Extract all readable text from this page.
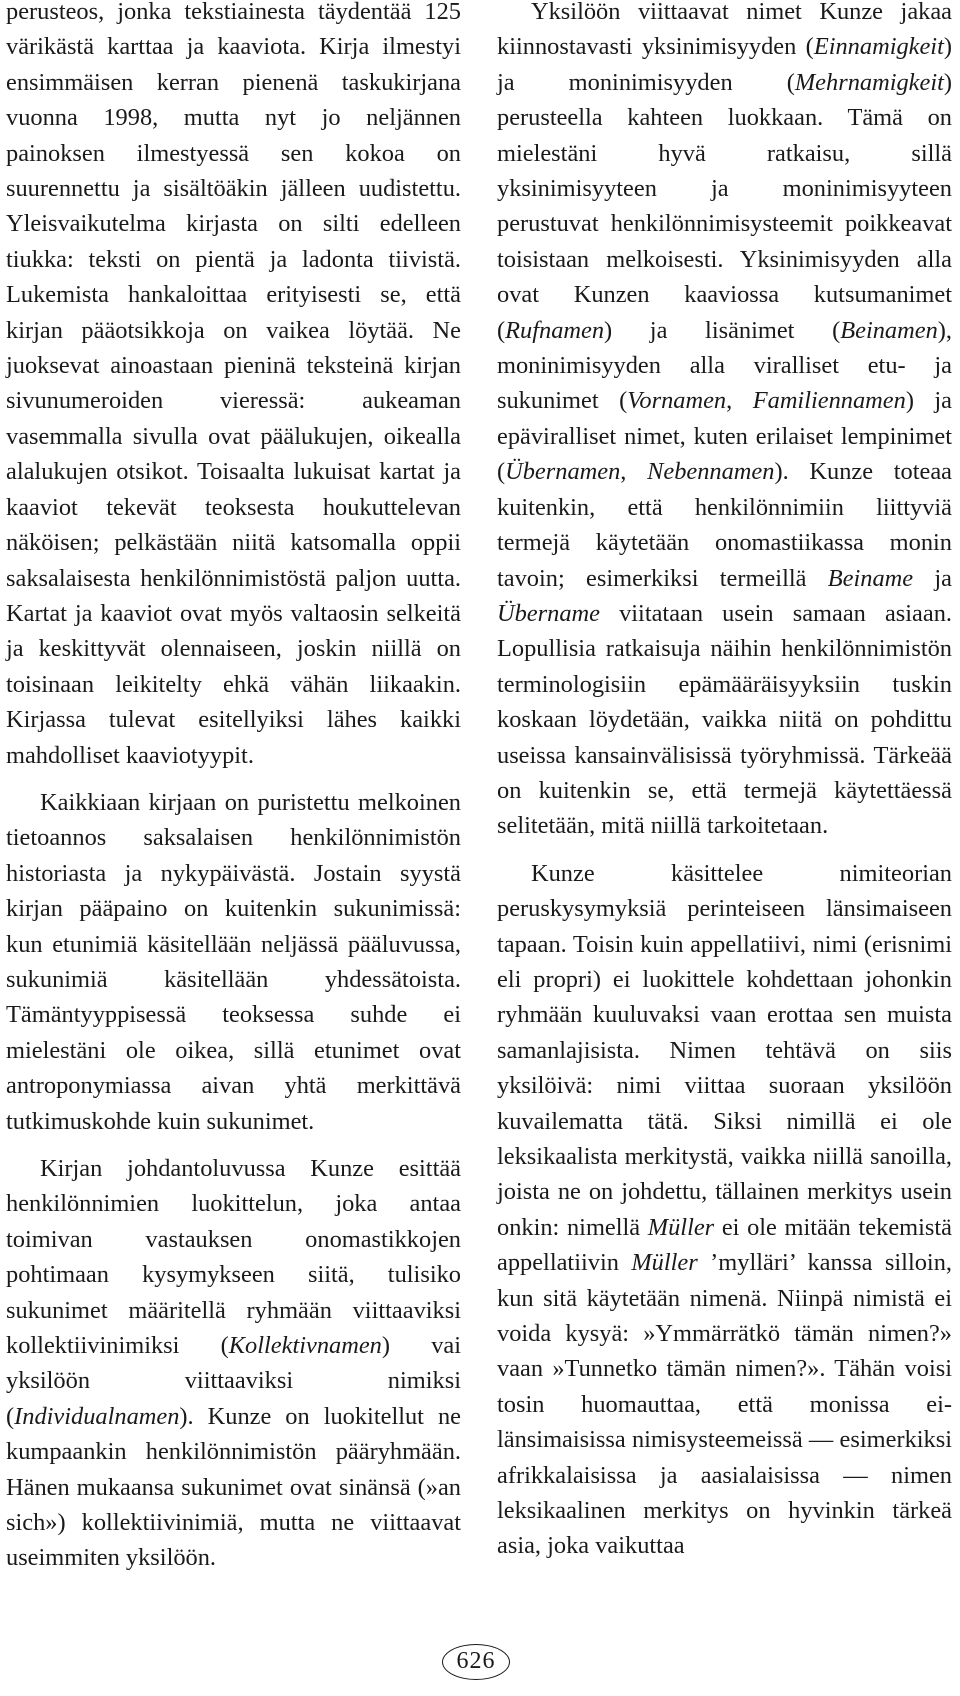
perusteos, jonka tekstiainesta täydentää 125 värikästä karttaa ja kaaviota. Kirja ilmestyi ensimmäisen kerran pienenä taskukirjana vuonna 1998, mutta nyt jo neljännen painoksen ilmestyessä sen kokoa on suurennettu ja sisältöäkin jälleen uudistettu. Yleisvaikutelma kirjasta on silti edelleen tiukka: teksti on pientä ja ladonta tiivistä. Lukemista hankaloittaa erityisesti se, että kirjan pääotsikkoja on vaikea löytää. Ne juoksevat ainoastaan pieninä teksteinä kirjan sivunumeroiden vieressä: aukeaman vasemmalla sivulla ovat päälukujen, oikealla alalukujen otsikot. Toisaalta lukuisat kartat ja kaaviot tekevät teoksesta houkuttelevan näköisen; pelkästään niitä katsomalla oppii saksalaisesta henkilönnimistöstä paljon uutta. Kartat ja kaaviot ovat myös valtaosin selkeitä ja keskittyvät olennaiseen, joskin niillä on toisinaan leikitelty ehkä vähän liikaakin. Kirjassa tulevat esitellyiksi lähes kaikki mahdolliset kaaviotyypit.

Kaikkiaan kirjaan on puristettu melkoinen tietoannos saksalaisen henkilönnimistön historiasta ja nykypäivästä. Jostain syystä kirjan pääpaino on kuitenkin sukunimissä: kun etunimiä käsitellään neljässä pääluvussa, sukunimiä käsitellään yhdessätoista. Tämäntyyppisessä teoksessa suhde ei mielestäni ole oikea, sillä etunimet ovat antroponymiassa aivan yhtä merkittävä tutkimuskohde kuin sukunimet.

Kirjan johdantoluvussa Kunze esittää henkilönnimien luokittelun, joka antaa toimivan vastauksen onomastikkojen pohtimaan kysymykseen siitä, tulisiko sukunimet määritellä ryhmään viittaaviksi kollektiivinimiksi (Kollektivnamen) vai yksilöön viittaaviksi nimiksi (Individualnamen). Kunze on luokitellut ne kumpaankin henkilönnimistön pääryhmään. Hänen mukaansa sukunimet ovat sinänsä (»an sich») kollektiivinimiä, mutta ne viittaavat useimmiten yksilöön.

Yksilöön viittaavat nimet Kunze jakaa kiinnostavasti yksinimisyyden (Einnamigkeit) ja moninimisyyden (Mehrnamigkeit) perusteella kahteen luokkaan. Tämä on mielestäni hyvä ratkaisu, sillä yksinimisyyteen ja moninimisyyteen perustuvat henkilönnimisysteemit poikkeavat toisistaan melkoisesti. Yksinimisyyden alla ovat Kunzen kaaviossa kutsumanimet (Rufnamen) ja lisänimet (Beinamen), moninimisyyden alla viralliset etu- ja sukunimet (Vornamen, Familiennamen) ja epäviralliset nimet, kuten erilaiset lempinimet (Übernamen, Nebennamen). Kunze toteaa kuitenkin, että henkilönnimiin liittyviä termejä käytetään onomastiikassa monin tavoin; esimerkiksi termeillä Beiname ja Übername viitataan usein samaan asiaan. Lopullisia ratkaisuja näihin henkilönnimistön terminologisiin epämääräisyyksiin tuskin koskaan löydetään, vaikka niitä on pohdittu useissa kansainvälisissä työryhmissä. Tärkeää on kuitenkin se, että termejä käytettäessä selitetään, mitä niillä tarkoitetaan.

Kunze käsittelee nimiteorian peruskysymyksiä perinteiseen länsimaiseen tapaan. Toisin kuin appellatiivi, nimi (erisnimi eli propri) ei luokittele kohdettaan johonkin ryhmään kuuluvaksi vaan erottaa sen muista samanlajisista. Nimen tehtävä on siis yksilöivä: nimi viittaa suoraan yksilöön kuvailematta tätä. Siksi nimillä ei ole leksikaalista merkitystä, vaikka niillä sanoilla, joista ne on johdettu, tällainen merkitys usein onkin: nimellä Müller ei ole mitään tekemistä appellatiivin Müller ’mylläri’ kanssa silloin, kun sitä käytetään nimenä. Niinpä nimistä ei voida kysyä: »Ymmärrätkö tämän nimen?» vaan »Tunnetko tämän nimen?». Tähän voisi tosin huomauttaa, että monissa ei-länsimaisissa nimisysteemeissä — esimerkiksi afrikkalaisissa ja aasialaisissa — nimen leksikaalinen merkitys on hyvinkin tärkeä asia, joka vaikuttaa

626
